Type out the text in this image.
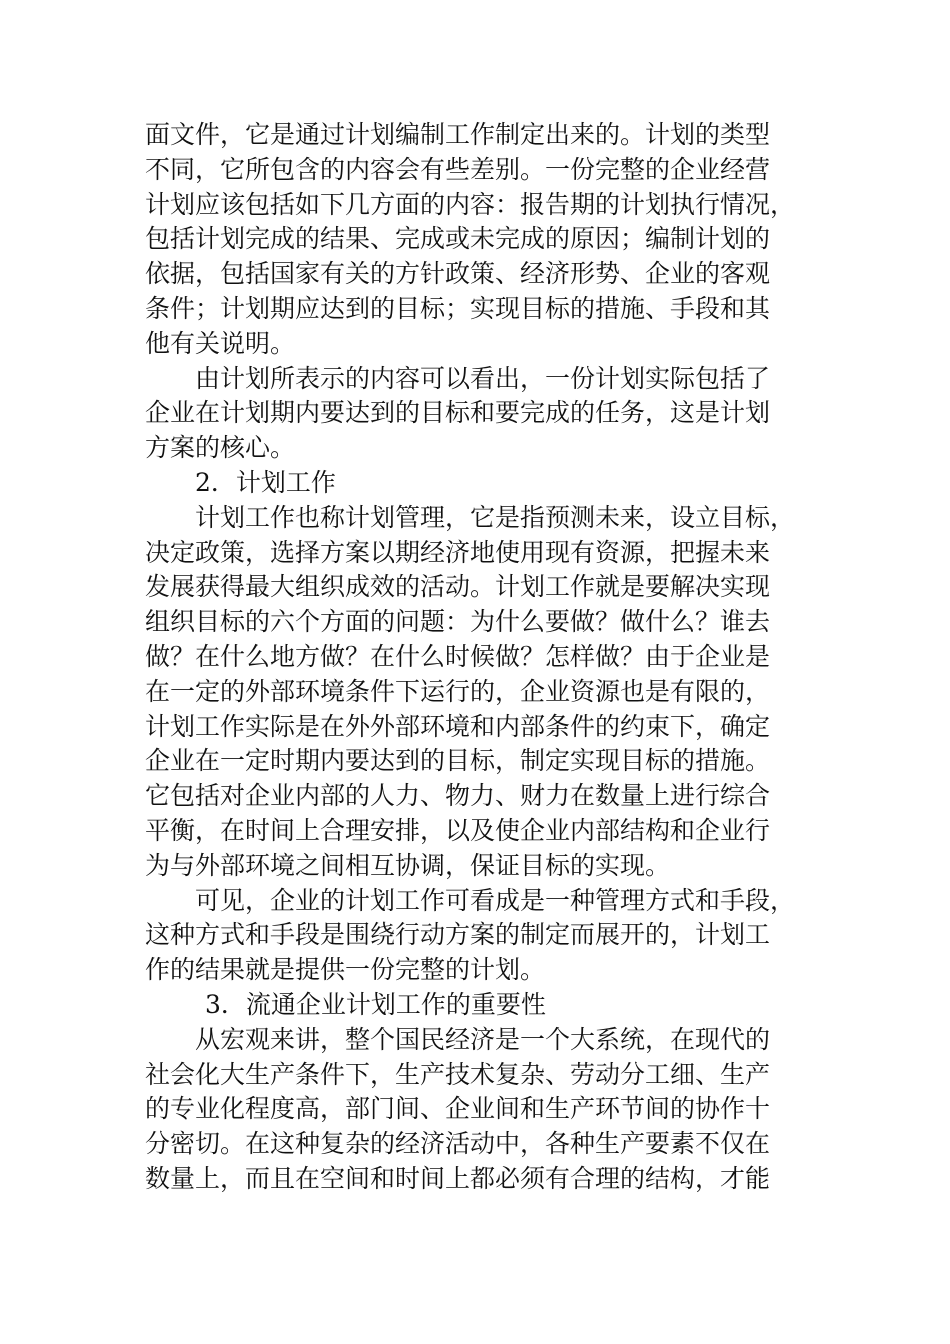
面文件，它是通过计划编制工作制定出来的。计划的类型
不同，它所包含的内容会有些差别。一份完整的企业经营
计划应该包括如下几方面的内容：报告期的计划执行情况，
包括计划完成的结果、完成或未完成的原因；编制计划的
依据，包括国家有关的方针政策、经济形势、企业的客观
条件；计划期应达到的目标；实现目标的措施、手段和其
他有关说明。
由计划所表示的内容可以看出，一份计划实际包括了
企业在计划期内要达到的目标和要完成的任务，这是计划
方案的核心。
2．计划工作
计划工作也称计划管理，它是指预测未来，设立目标，
决定政策，选择方案以期经济地使用现有资源，把握未来
发展获得最大组织成效的活动。计划工作就是要解决实现
组织目标的六个方面的问题：为什么要做？做什么？谁去
做？在什么地方做？在什么时候做？怎样做？由于企业是
在一定的外部环境条件下运行的，企业资源也是有限的，
计划工作实际是在外外部环境和内部条件的约束下，确定
企业在一定时期内要达到的目标，制定实现目标的措施。
它包括对企业内部的人力、物力、财力在数量上进行综合
平衡，在时间上合理安排，以及使企业内部结构和企业行
为与外部环境之间相互协调，保证目标的实现。
可见，企业的计划工作可看成是一种管理方式和手段，
这种方式和手段是围绕行动方案的制定而展开的，计划工
作的结果就是提供一份完整的计划。
3．流通企业计划工作的重要性
从宏观来讲，整个国民经济是一个大系统，在现代的
社会化大生产条件下，生产技术复杂、劳动分工细、生产
的专业化程度高，部门间、企业间和生产环节间的协作十
分密切。在这种复杂的经济活动中，各种生产要素不仅在
数量上，而且在空间和时间上都必须有合理的结构，才能
